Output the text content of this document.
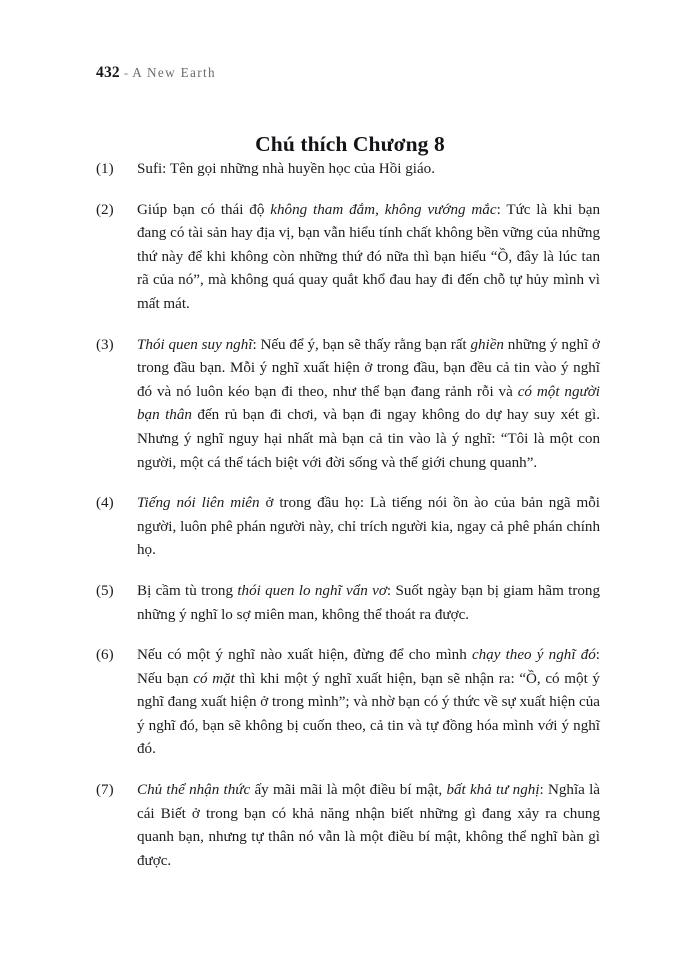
432 - A New Earth
Chú thích Chương 8
(1)	Sufi: Tên gọi những nhà huyền học của Hồi giáo.
(2)	Giúp bạn có thái độ không tham đắm, không vướng mắc: Tức là khi bạn đang có tài sản hay địa vị, bạn vẫn hiểu tính chất không bền vững của những thứ này để khi không còn những thứ đó nữa thì bạn hiểu “Ồ, đây là lúc tan rã của nó”, mà không quá quay quắt khổ đau hay đi đến chỗ tự hủy mình vì mất mát.
(3)	Thói quen suy nghĩ: Nếu để ý, bạn sẽ thấy rằng bạn rất ghiền những ý nghĩ ở trong đầu bạn. Mỗi ý nghĩ xuất hiện ở trong đầu, bạn đều cả tin vào ý nghĩ đó và nó luôn kéo bạn đi theo, như thể bạn đang rảnh rỗi và có một người bạn thân đến rủ bạn đi chơi, và bạn đi ngay không do dự hay suy xét gì. Nhưng ý nghĩ nguy hại nhất mà bạn cả tin vào là ý nghĩ: “Tôi là một con người, một cá thể tách biệt với đời sống và thế giới chung quanh”.
(4)	Tiếng nói liên miên ở trong đầu họ: Là tiếng nói ồn ào của bản ngã mỗi người, luôn phê phán người này, chỉ trích người kia, ngay cả phê phán chính họ.
(5)	Bị cầm tù trong thói quen lo nghĩ vẩn vơ: Suốt ngày bạn bị giam hãm trong những ý nghĩ lo sợ miên man, không thể thoát ra được.
(6)	Nếu có một ý nghĩ nào xuất hiện, đừng để cho mình chạy theo ý nghĩ đó: Nếu bạn có mặt thì khi một ý nghĩ xuất hiện, bạn sẽ nhận ra: “Ồ, có một ý nghĩ đang xuất hiện ở trong mình”; và nhờ bạn có ý thức về sự xuất hiện của ý nghĩ đó, bạn sẽ không bị cuốn theo, cả tin và tự đồng hóa mình với ý nghĩ đó.
(7)	Chủ thể nhận thức ấy mãi mãi là một điều bí mật, bất khả tư nghị: Nghĩa là cái Biết ở trong bạn có khả năng nhận biết những gì đang xảy ra chung quanh bạn, nhưng tự thân nó vẫn là một điều bí mật, không thể nghĩ bàn gì được.
